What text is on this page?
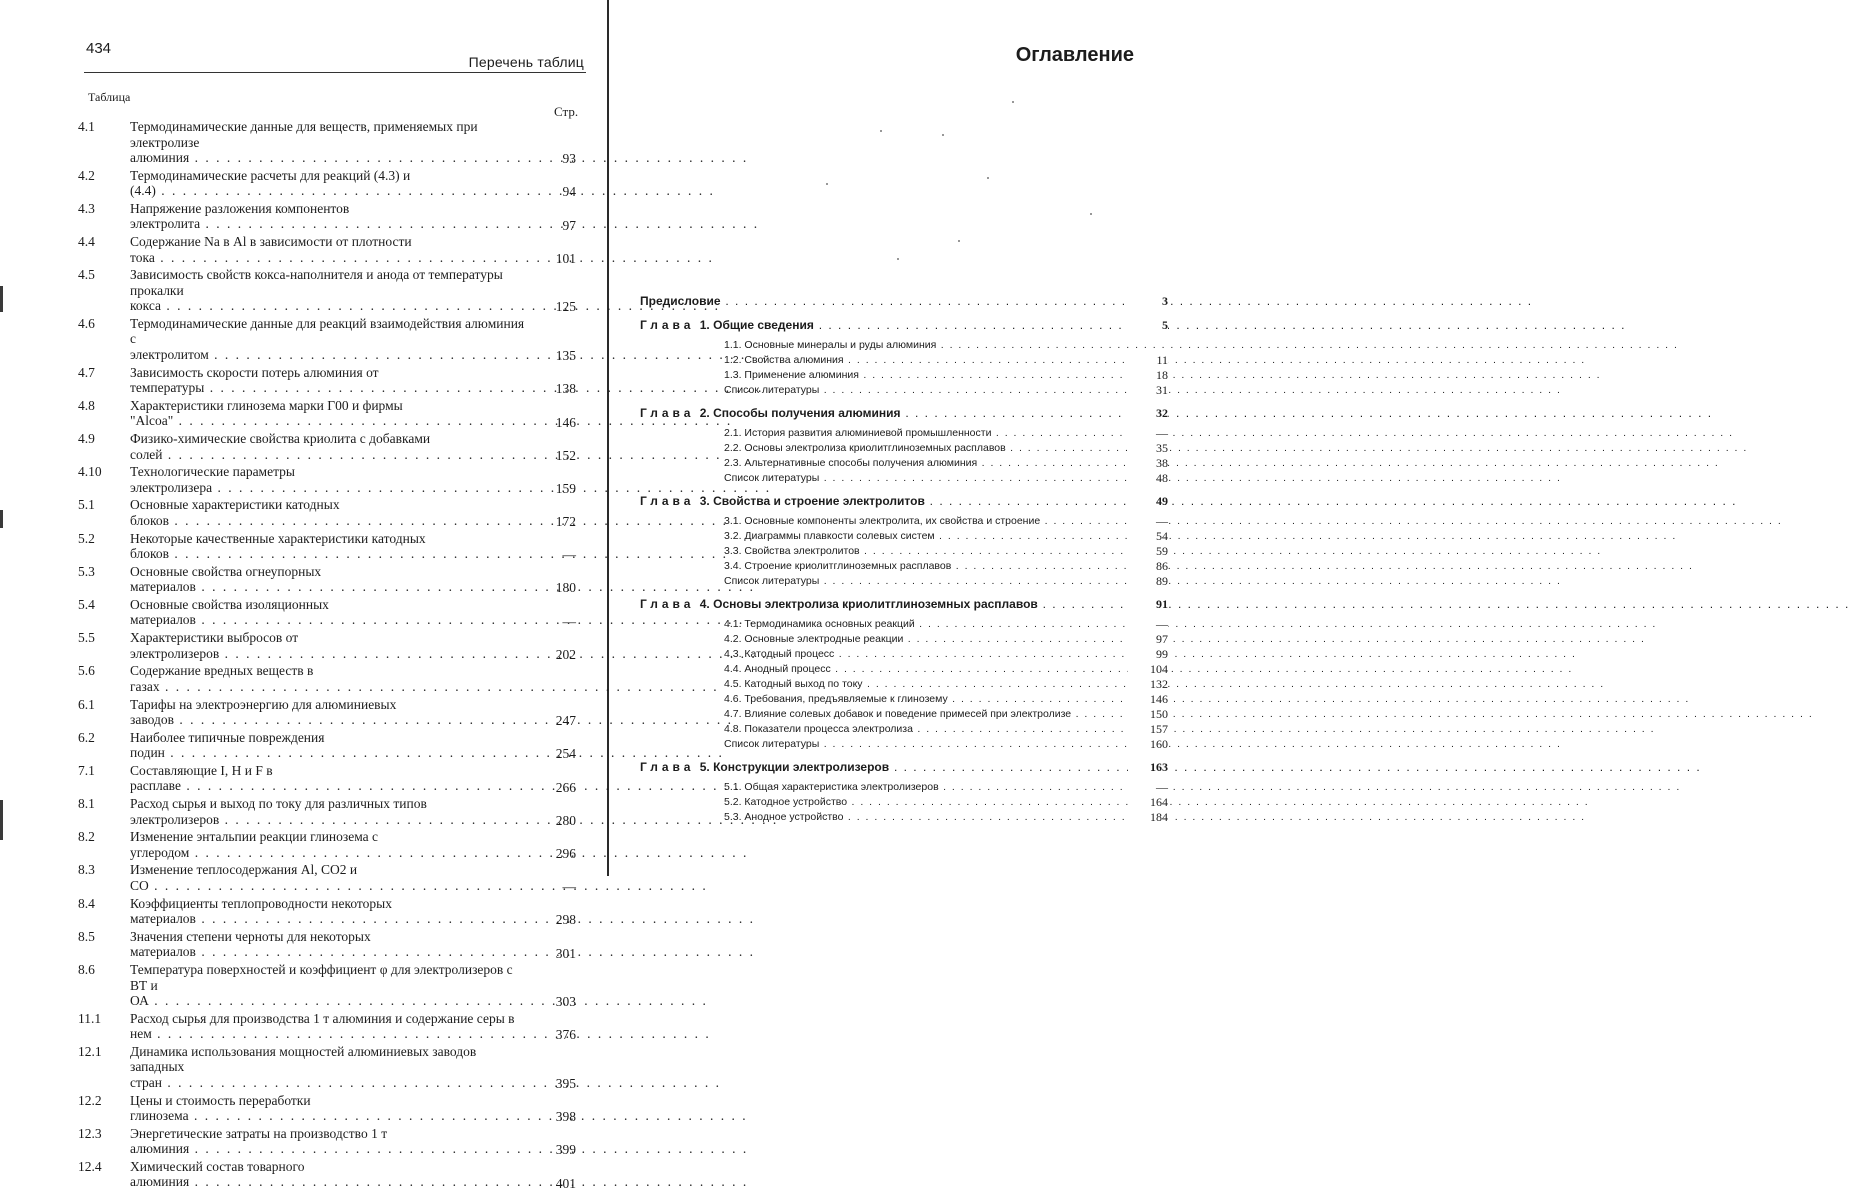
434
Перечень таблиц
Таблица
Стр.
4.1	Термодинамические данные для веществ, применяемых при электролизе алюминия . . .	93
4.2	Термодинамические расчеты для реакций (4.3) и (4.4) . . .	94
4.3	Напряжение разложения компонентов электролита . . .	97
4.4	Содержание Na в Al в зависимости от плотности тока . . .	101
4.5	Зависимость свойств кокса-наполнителя и анода от температуры прокалки кокса . . .	125
4.6	Термодинамические данные для реакций взаимодействия алюминия с электролитом . . .	135
4.7	Зависимость скорости потерь алюминия от температуры . . .	138
4.8	Характеристики глинозема марки Г00 и фирмы "Alcoa" . . .	146
4.9	Физико-химические свойства криолита с добавками солей . . .	152
4.10	Технологические параметры электролизера . . .	159
5.1	Основные характеристики катодных блоков . . .	172
5.2	Некоторые качественные характеристики катодных блоков . . .	—
5.3	Основные свойства огнеупорных материалов . . .	180
5.4	Основные свойства изоляционных материалов . . .	—
5.5	Характеристики выбросов от электролизеров . . .	202
5.6	Содержание вредных веществ в газах . . .
6.1	Тарифы на электроэнергию для алюминиевых заводов . . .	247
6.2	Наиболее типичные повреждения подин . . .	254
7.1	Составляющие I, H и F в расплаве . . .	266
8.1	Расход сырья и выход по току для различных типов электролизеров . . .	280
8.2	Изменение энтальпии реакции глинозема с углеродом . . .	296
8.3	Изменение теплосодержания Al, CO2 и CO . . .	—
8.4	Коэффициенты теплопроводности некоторых материалов . . .	298
8.5	Значения степени черноты для некоторых материалов . . .	301
8.6	Температура поверхностей и коэффициент φ для электролизеров с ВТ и ОА . . .	303
11.1	Расход сырья для производства 1 т алюминия и содержание серы в нем . . .	376
12.1	Динамика использования мощностей алюминиевых заводов западных стран . . .	395
12.2	Цены и стоимость переработки глинозема . . .	398
12.3	Энергетические затраты на производство 1 т алюминия . . .	399
12.4	Химический состав товарного алюминия . . .	401
Оглавление
Предисловие . . .	3
Глава 1. Общие сведения . . .	5
1.1. Основные минералы и руды алюминия . . .
1.2. Свойства алюминия . . .	11
1.3. Применение алюминия . . .	18
Список литературы . . .	31
Глава 2. Способы получения алюминия . . .	32
2.1. История развития алюминиевой промышленности . . .	—
2.2. Основы электролиза криолитглиноземных расплавов . . .	35
2.3. Альтернативные способы получения алюминия . . .	38
Список литературы . . .	48
Глава 3. Свойства и строение электролитов . . .	49
3.1. Основные компоненты электролита, их свойства и строение . . .	—
3.2. Диаграммы плавкости солевых систем . . .	54
3.3. Свойства электролитов . . .	59
3.4. Строение криолитглиноземных расплавов . . .	86
Список литературы . . .	89
Глава 4. Основы электролиза криолитглиноземных расплавов . . .	91
4.1. Термодинамика основных реакций . . .	—
4.2. Основные электродные реакции . . .	97
4.3. Катодный процесс . . .	99
4.4. Анодный процесс . . .	104
4.5. Катодный выход по току . . .	132
4.6. Требования, предъявляемые к глинозему . . .	146
4.7. Влияние солевых добавок и поведение примесей при электролизе . . .	150
4.8. Показатели процесса электролиза . . .	157
Список литературы . . .	160
Глава 5. Конструкции электролизеров . . .	163
5.1. Общая характеристика электролизеров . . .	—
5.2. Катодное устройство . . .	164
5.3. Анодное устройство . . .	184
